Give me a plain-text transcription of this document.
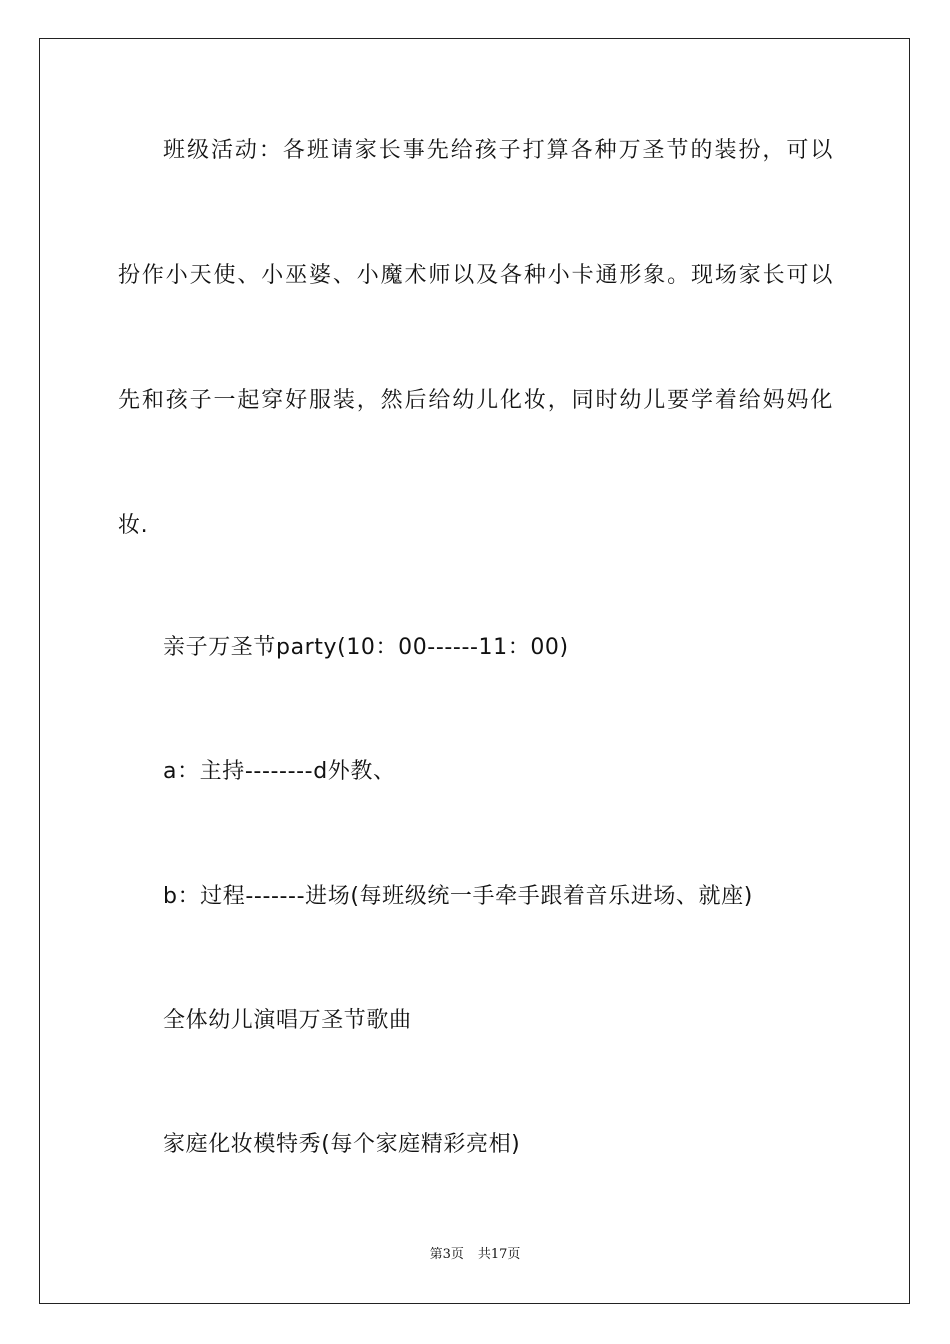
班级活动：各班请家长事先给孩子打算各种万圣节的装扮，可以
扮作小天使、小巫婆、小魔术师以及各种小卡通形象。现场家长可以
先和孩子一起穿好服装，然后给幼儿化妆，同时幼儿要学着给妈妈化
妆.
亲子万圣节party(10：00------11：00)
a：主持--------d外教、
b：过程-------进场(每班级统一手牵手跟着音乐进场、就座)
全体幼儿演唱万圣节歌曲
家庭化妆模特秀(每个家庭精彩亮相)
第3页 共17页
